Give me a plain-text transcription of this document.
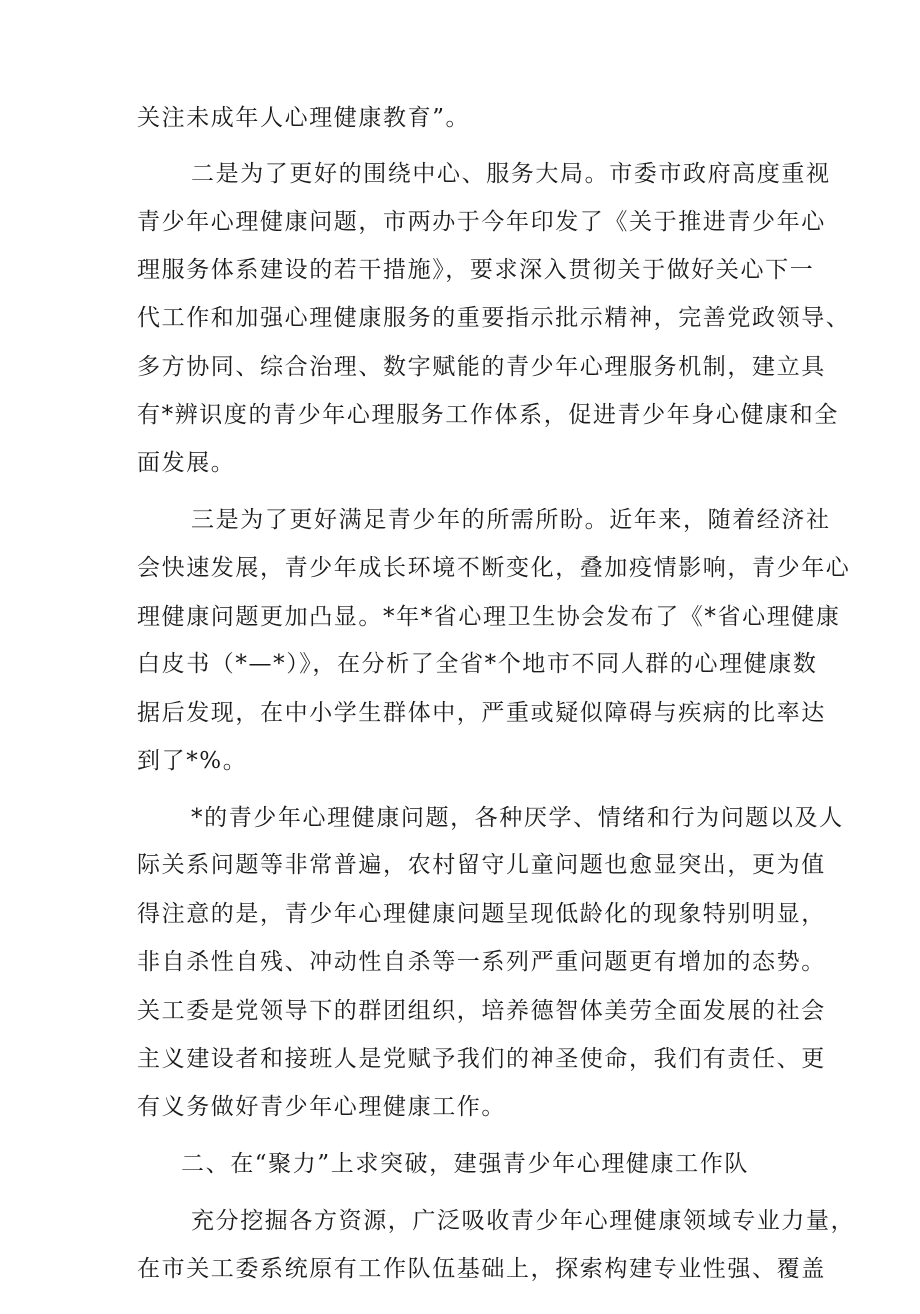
关注未成年人心理健康教育”。
二是为了更好的围绕中心、服务大局。市委市政府高度重视
青少年心理健康问题，市两办于今年印发了《关于推进青少年心
理服务体系建设的若干措施》，要求深入贯彻关于做好关心下一
代工作和加强心理健康服务的重要指示批示精神，完善党政领导、
多方协同、综合治理、数字赋能的青少年心理服务机制，建立具
有*辨识度的青少年心理服务工作体系，促进青少年身心健康和全
面发展。
三是为了更好满足青少年的所需所盼。近年来，随着经济社
会快速发展，青少年成长环境不断变化，叠加疫情影响，青少年心
理健康问题更加凸显。*年*省心理卫生协会发布了《*省心理健康
白皮书（*—*）》，在分析了全省*个地市不同人群的心理健康数
据后发现，在中小学生群体中，严重或疑似障碍与疾病的比率达
到了*%。
*的青少年心理健康问题，各种厌学、情绪和行为问题以及人
际关系问题等非常普遍，农村留守儿童问题也愈显突出，更为值
得注意的是，青少年心理健康问题呈现低龄化的现象特别明显，
非自杀性自残、冲动性自杀等一系列严重问题更有增加的态势。
关工委是党领导下的群团组织，培养德智体美劳全面发展的社会
主义建设者和接班人是党赋予我们的神圣使命，我们有责任、更
有义务做好青少年心理健康工作。
二、在“聚力”上求突破，建强青少年心理健康工作队
充分挖掘各方资源，广泛吸收青少年心理健康领域专业力量，
在市关工委系统原有工作队伍基础上，探索构建专业性强、覆盖
